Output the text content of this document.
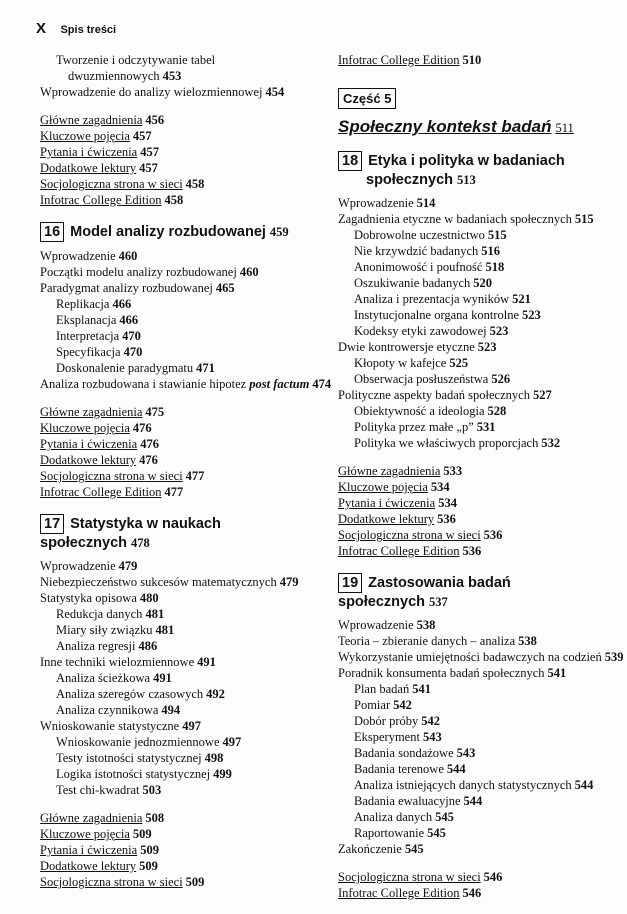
X Spis treści
Tworzenie i odczytywanie tabel
dwuzmiennowych 453
Wprowadzenie do analizy wielozmiennowej 454
Główne zagadnienia 456
Kluczowe pojęcia 457
Pytania i ćwiczenia 457
Dodatkowe lektury 457
Socjologiczna strona w sieci 458
Infotrac College Edition 458
16 Model analizy rozbudowanej 459
Wprowadzenie 460
Początki modelu analizy rozbudowanej 460
Paradygmat analizy rozbudowanej 465
Replikacja 466
Eksplanacja 466
Interpretacja 470
Specyfikacja 470
Doskonalenie paradygmatu 471
Analiza rozbudowana i stawianie hipotez post factum 474
Główne zagadnienia 475
Kluczowe pojęcia 476
Pytania i ćwiczenia 476
Dodatkowe lektury 476
Socjologiczna strona w sieci 477
Infotrac College Edition 477
17 Statystyka w naukach społecznych 478
Wprowadzenie 479
Niebezpieczeństwo sukcesów matematycznych 479
Statystyka opisowa 480
Redukcja danych 481
Miary siły związku 481
Analiza regresji 486
Inne techniki wielozmiennowe 491
Analiza ścieżkowa 491
Analiza szeregów czasowych 492
Analiza czynnikowa 494
Wnioskowanie statystyczne 497
Wnioskowanie jednozmiennowe 497
Testy istotności statystycznej 498
Logika istotności statystycznej 499
Test chi-kwadrat 503
Główne zagadnienia 508
Kluczowe pojęcia 509
Pytania i ćwiczenia 509
Dodatkowe lektury 509
Socjologiczna strona w sieci 509
Infotrac College Edition 510
Część 5
Społeczny kontekst badań 511
18 Etyka i polityka w badaniach
społecznych 513
Wprowadzenie 514
Zagadnienia etyczne w badaniach społecznych 515
Dobrowolne uczestnictwo 515
Nie krzywdzić badanych 516
Anonimowość i poufność 518
Oszukiwanie badanych 520
Analiza i prezentacja wyników 521
Instytucjonalne organa kontrolne 523
Kodeksy etyki zawodowej 523
Dwie kontrowersje etyczne 523
Kłopoty w kafejce 525
Obserwacja posłuszeństwa 526
Polityczne aspekty badań społecznych 527
Obiektywność a ideologia 528
Polityka przez małe „p” 531
Polityka we właściwych proporcjach 532
Główne zagadnienia 533
Kluczowe pojęcia 534
Pytania i ćwiczenia 534
Dodatkowe lektury 536
Socjologiczna strona w sieci 536
Infotrac College Edition 536
19 Zastosowania badań społecznych 537
Wprowadzenie 538
Teoria – zbieranie danych – analiza 538
Wykorzystanie umiejętności badawczych na codzień 539
Poradnik konsumenta badań społecznych 541
Plan badań 541
Pomiar 542
Dobór próby 542
Eksperyment 543
Badania sondażowe 543
Badania terenowe 544
Analiza istniejących danych statystycznych 544
Badania ewaluacyjne 544
Analiza danych 545
Raportowanie 545
Zakończenie 545
Socjologiczna strona w sieci 546
Infotrac College Edition 546
